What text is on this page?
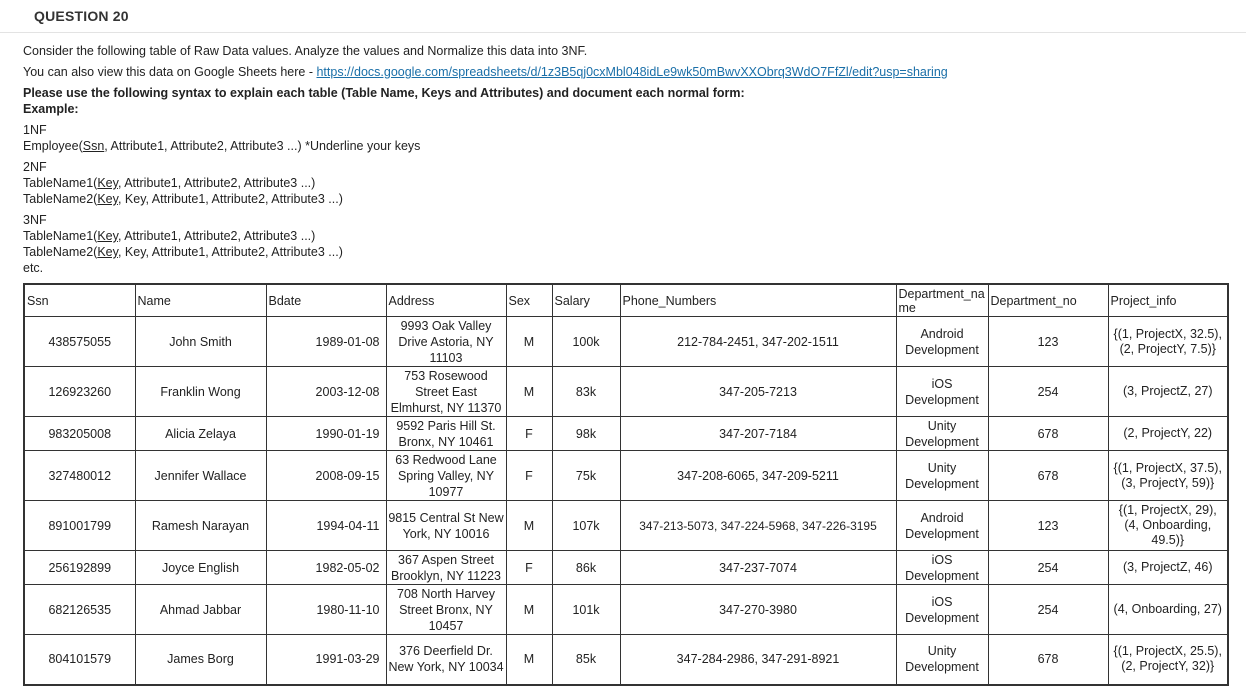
QUESTION 20
Consider the following table of Raw Data values. Analyze the values and Normalize this data into 3NF.
You can also view this data on Google Sheets here - https://docs.google.com/spreadsheets/d/1z3B5qj0cxMbl048idLe9wk50mBwvXXObrq3WdO7FfZl/edit?usp=sharing
Please use the following syntax to explain each table (Table Name, Keys and Attributes) and document each normal form:
Example:
1NF
Employee(Ssn, Attribute1, Attribute2, Attribute3 ...) *Underline your keys
2NF
TableName1(Key, Attribute1, Attribute2, Attribute3 ...)
TableName2(Key, Key, Attribute1, Attribute2, Attribute3 ...)
3NF
TableName1(Key, Attribute1, Attribute2, Attribute3 ...)
TableName2(Key, Key, Attribute1, Attribute2, Attribute3 ...)
etc.
Ssn	Name	Bdate	Address	Sex	Salary	Phone_Numbers	Department_name	Department_no	Project_info
438575055	John Smith	1989-01-08	9993 Oak Valley Drive Astoria, NY 11103	M	100k	212-784-2451, 347-202-1511	Android Development	123	{(1, ProjectX, 32.5), (2, ProjectY, 7.5)}
126923260	Franklin Wong	2003-12-08	753 Rosewood Street East Elmhurst, NY 11370	M	83k	347-205-7213	iOS Development	254	(3, ProjectZ, 27)
983205008	Alicia Zelaya	1990-01-19	9592 Paris Hill St. Bronx, NY 10461	F	98k	347-207-7184	Unity Development	678	(2, ProjectY, 22)
327480012	Jennifer Wallace	2008-09-15	63 Redwood Lane Spring Valley, NY 10977	F	75k	347-208-6065, 347-209-5211	Unity Development	678	{(1, ProjectX, 37.5), (3, ProjectY, 59)}
891001799	Ramesh Narayan	1994-04-11	9815 Central St New York, NY 10016	M	107k	347-213-5073, 347-224-5968, 347-226-3195	Android Development	123	{(1, ProjectX, 29), (4, Onboarding, 49.5)}
256192899	Joyce English	1982-05-02	367 Aspen Street Brooklyn, NY 11223	F	86k	347-237-7074	iOS Development	254	(3, ProjectZ, 46)
682126535	Ahmad Jabbar	1980-11-10	708 North Harvey Street Bronx, NY 10457	M	101k	347-270-3980	iOS Development	254	(4, Onboarding, 27)
804101579	James Borg	1991-03-29	376 Deerfield Dr. New York, NY 10034	M	85k	347-284-2986, 347-291-8921	Unity Development	678	{(1, ProjectX, 25.5), (2, ProjectY, 32)}
